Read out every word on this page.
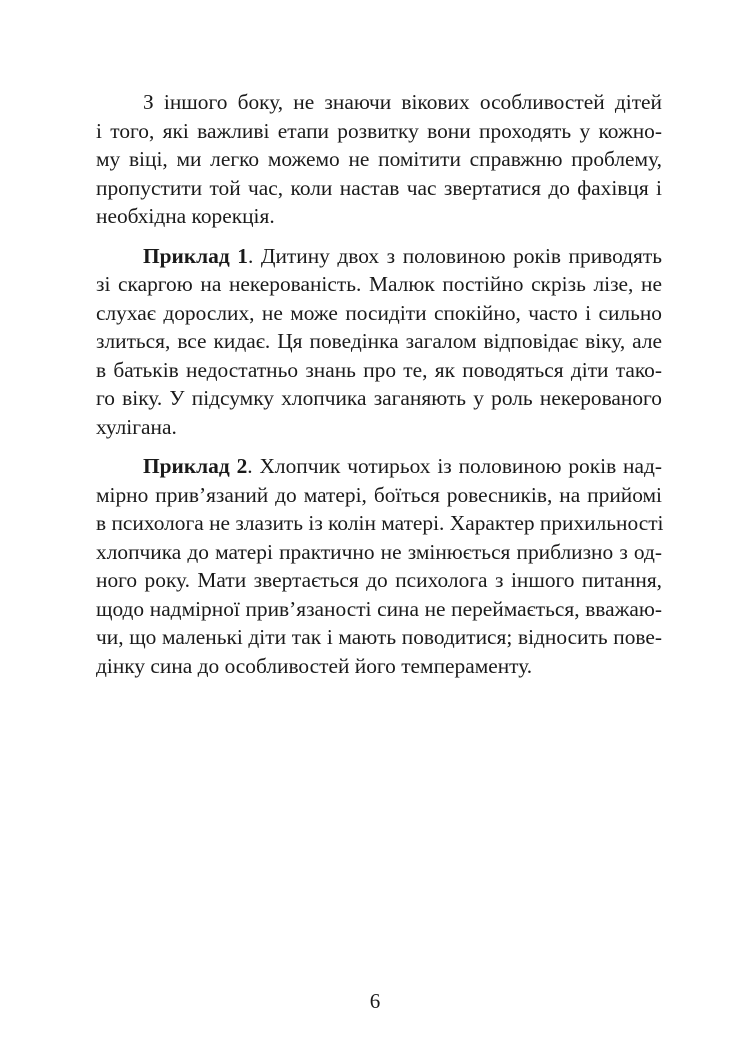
З іншого боку, не знаючи вікових особливостей дітей
і того, які важливі етапи розвитку вони проходять у кожно-
му віці, ми легко можемо не помітити справжню проблему,
пропустити той час, коли настав час звертатися до фахівця і
необхідна корекція.
Приклад 1. Дитину двох з половиною років приводять
зі скаргою на некерованість. Малюк постійно скрізь лізе, не
слухає дорослих, не може посидіти спокійно, часто і сильно
злиться, все кидає. Ця поведінка загалом відповідає віку, але
в батьків недостатньо знань про те, як поводяться діти тако-
го віку. У підсумку хлопчика заганяють у роль некерованого
хулігана.
Приклад 2. Хлопчик чотирьох із половиною років над-
мірно прив’язаний до матері, боїться ровесників, на прийомі
в психолога не злазить із колін матері. Характер прихильності
хлопчика до матері практично не змінюється приблизно з од-
ного року. Мати звертається до психолога з іншого питання,
щодо надмірної прив’язаності сина не переймається, вважаю-
чи, що маленькі діти так і мають поводитися; відносить пове-
дінку сина до особливостей його темпераменту.
6
